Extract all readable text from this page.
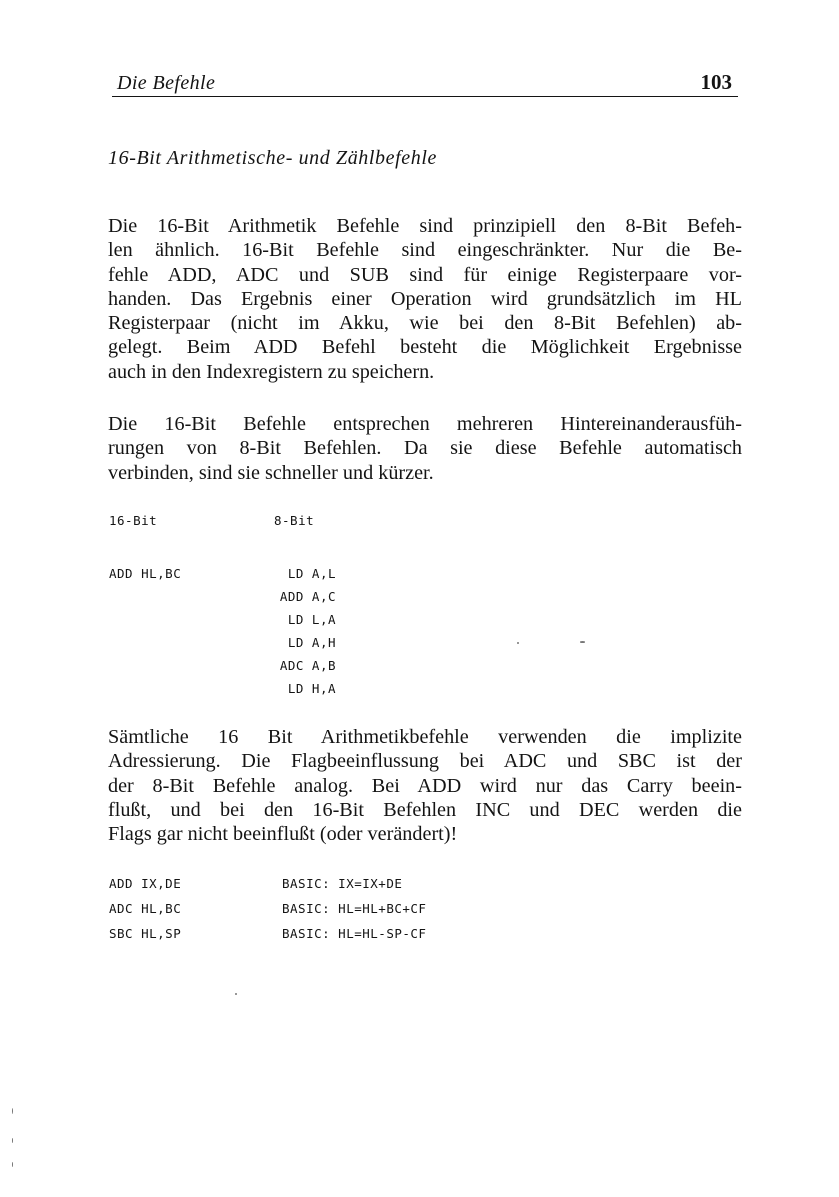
Die Befehle	103
16-Bit Arithmetische- und Zählbefehle
Die 16-Bit Arithmetik Befehle sind prinzipiell den 8-Bit Befeh-
len ähnlich. 16-Bit Befehle sind eingeschränkter. Nur die Be-
fehle ADD, ADC und SUB sind für einige Registerpaare vor-
handen. Das Ergebnis einer Operation wird grundsätzlich im HL
Registerpaar (nicht im Akku, wie bei den 8-Bit Befehlen) ab-
gelegt. Beim ADD Befehl besteht die Möglichkeit Ergebnisse
auch in den Indexregistern zu speichern.
Die 16-Bit Befehle entsprechen mehreren Hintereinanderausfüh-
rungen von 8-Bit Befehlen. Da sie diese Befehle automatisch
verbinden, sind sie schneller und kürzer.
16-Bit	8-Bit
ADD HL,BC	LD A,L
ADD A,C
LD L,A
LD A,H
ADC A,B
LD H,A
Sämtliche 16 Bit Arithmetikbefehle verwenden die implizite
Adressierung. Die Flagbeeinflussung bei ADC und SBC ist der
der 8-Bit Befehle analog. Bei ADD wird nur das Carry beein-
flußt, und bei den 16-Bit Befehlen INC und DEC werden die
Flags gar nicht beeinflußt (oder verändert)!
ADD IX,DE	BASIC: IX=IX+DE
ADC HL,BC	BASIC: HL=HL+BC+CF
SBC HL,SP	BASIC: HL=HL-SP-CF
